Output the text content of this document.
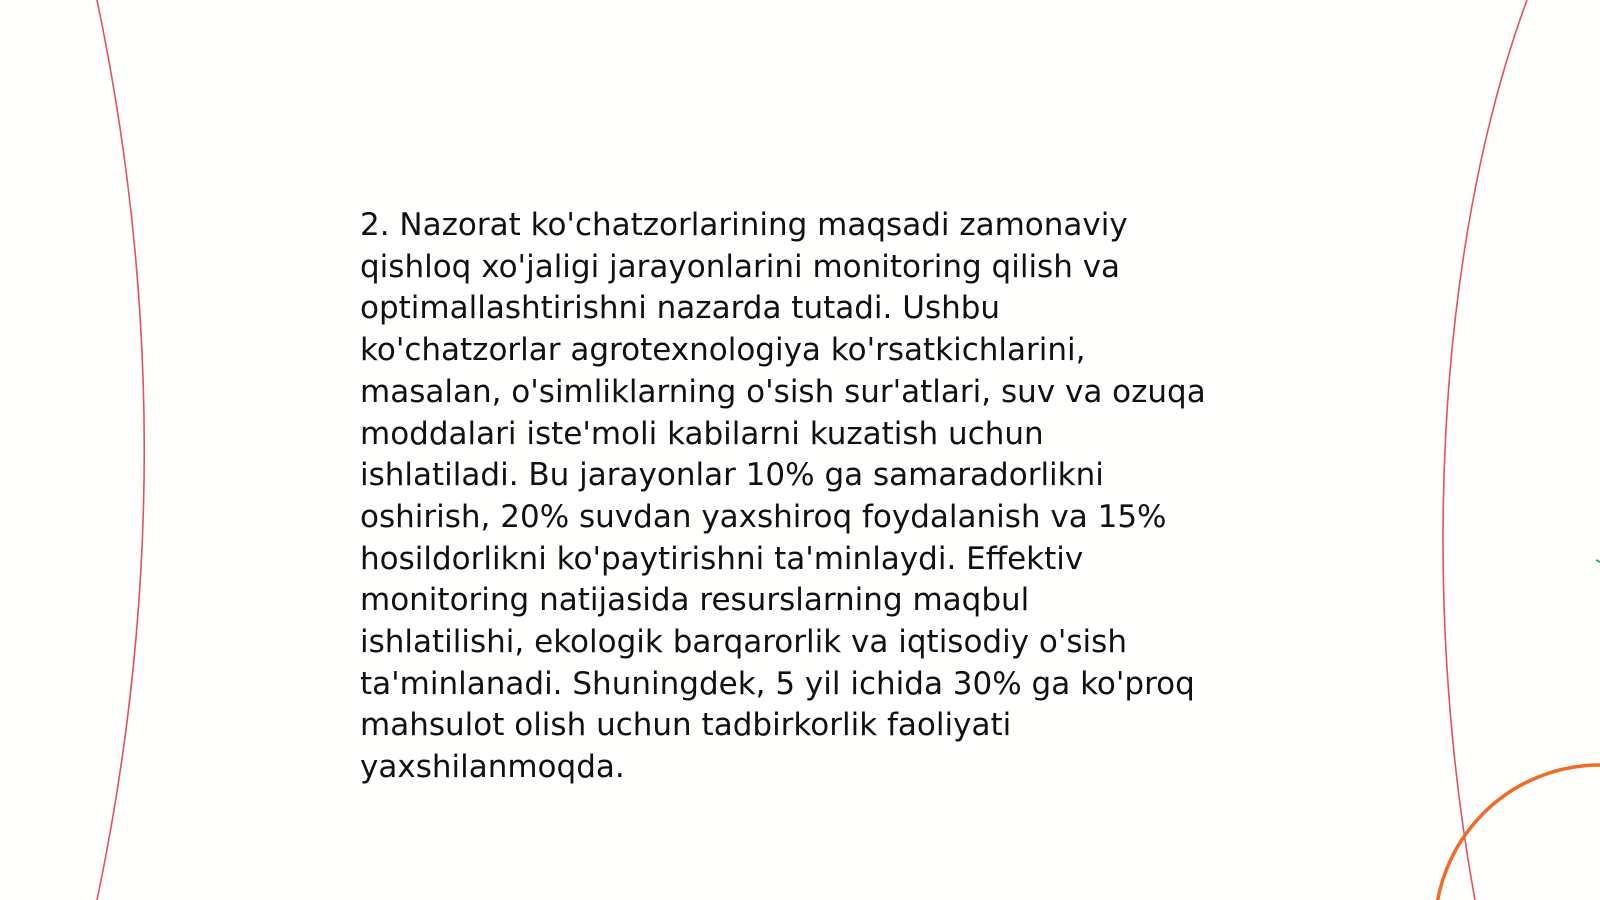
2. Nazorat ko'chatzorlarining maqsadi zamonaviy
qishloq xo'jaligi jarayonlarini monitoring qilish va
optimallashtirishni nazarda tutadi. Ushbu
ko'chatzorlar agrotexnologiya ko'rsatkichlarini,
masalan, o'simliklarning o'sish sur'atlari, suv va ozuqa
moddalari iste'moli kabilarni kuzatish uchun
ishlatiladi. Bu jarayonlar 10% ga samaradorlikni
oshirish, 20% suvdan yaxshiroq foydalanish va 15%
hosildorlikni ko'paytirishni ta'minlaydi. Effektiv
monitoring natijasida resurslarning maqbul
ishlatilishi, ekologik barqarorlik va iqtisodiy o'sish
ta'minlanadi. Shuningdek, 5 yil ichida 30% ga ko'proq
mahsulot olish uchun tadbirkorlik faoliyati
yaxshilanmoqda.
